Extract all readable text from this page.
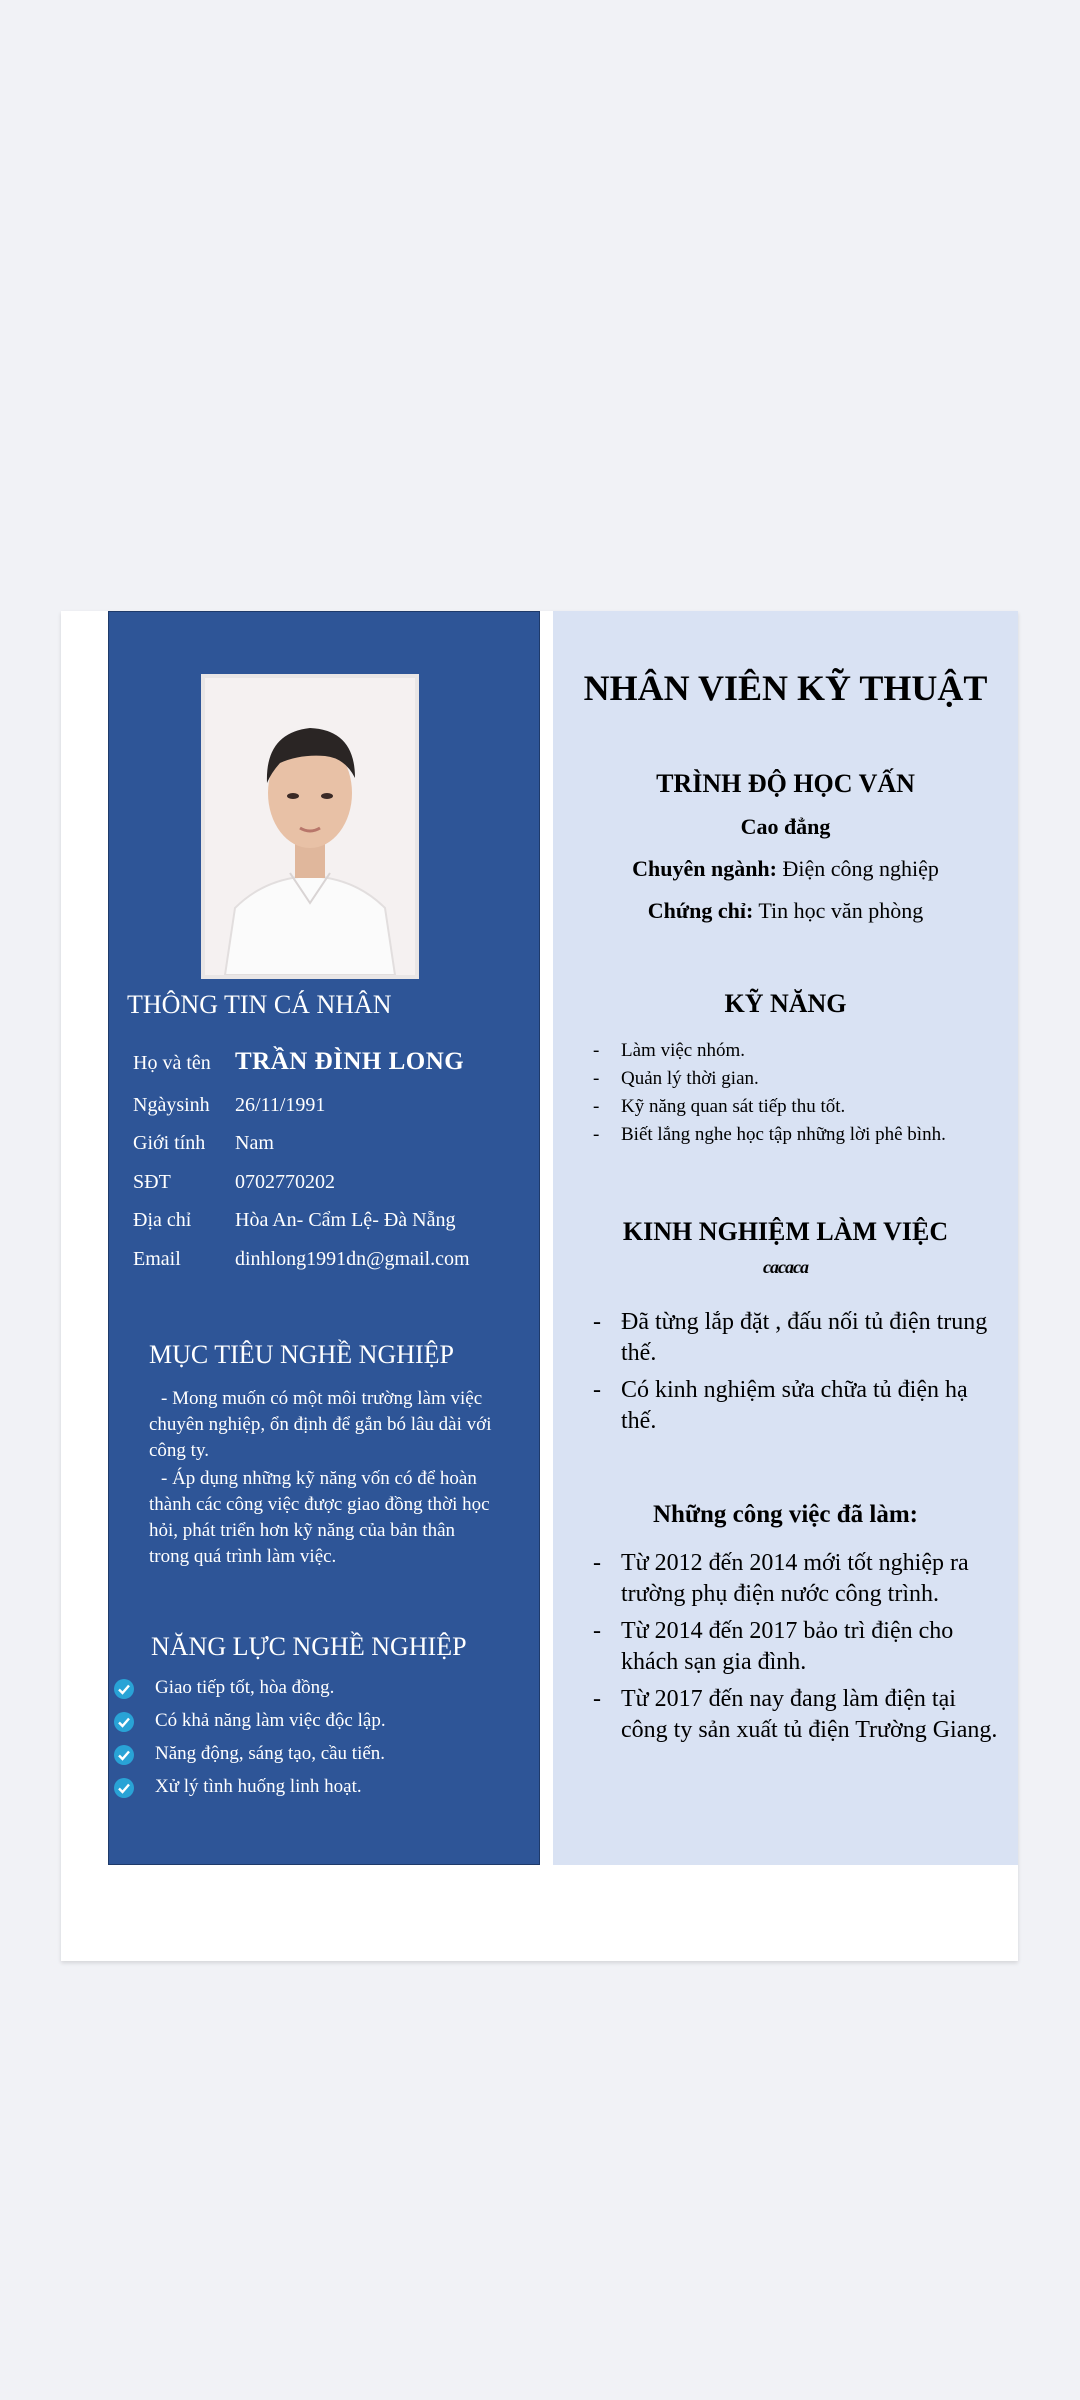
THÔNG TIN CÁ NHÂN
Họ và tên TRẦN ĐÌNH LONG
Ngàysinh 26/11/1991
Giới tính Nam
SĐT	0702770202
Địa chỉ Hòa An- Cẩm Lệ- Đà Nẵng
Email	dinhlong1991dn@gmail.com
MỤC TIÊU NGHỀ NGHIỆP

- Mong muốn có một môi trường làm việc chuyên nghiệp, ổn định để gắn bó lâu dài với công ty.

- Áp dụng những kỹ năng vốn có để hoàn thành các công việc được giao đồng thời học hỏi, phát triển hơn kỹ năng của bản thân trong quá trình làm việc.

NĂNG LỰC NGHỀ NGHIỆP
Giao tiếp tốt, hòa đồng.
Có khả năng làm việc độc lập.
Năng động, sáng tạo, cầu tiến.
Xử lý tình huống linh hoạt.
NHÂN VIÊN KỸ THUẬT
TRÌNH ĐỘ HỌC VẤN
Cao đẳng
Chuyên ngành: Điện công nghiệp
Chứng chỉ: Tin học văn phòng
KỸ NĂNG
- Làm việc nhóm.
- Quản lý thời gian.
- Kỹ năng quan sát tiếp thu tốt.
- Biết lắng nghe học tập những lời phê bình.
KINH NGHIỆM LÀM VIỆC
cacaca
- Đã từng lắp đặt , đấu nối tủ điện trung thế.
- Có kinh nghiệm sửa chữa tủ điện hạ thế.
Những công việc đã làm:
- Từ 2012 đến 2014 mới tốt nghiệp ra trường phụ điện nước công trình.
- Từ 2014 đến 2017 bảo trì điện cho khách sạn gia đình.
- Từ 2017 đến nay đang làm điện tại công ty sản xuất tủ điện Trường Giang.
